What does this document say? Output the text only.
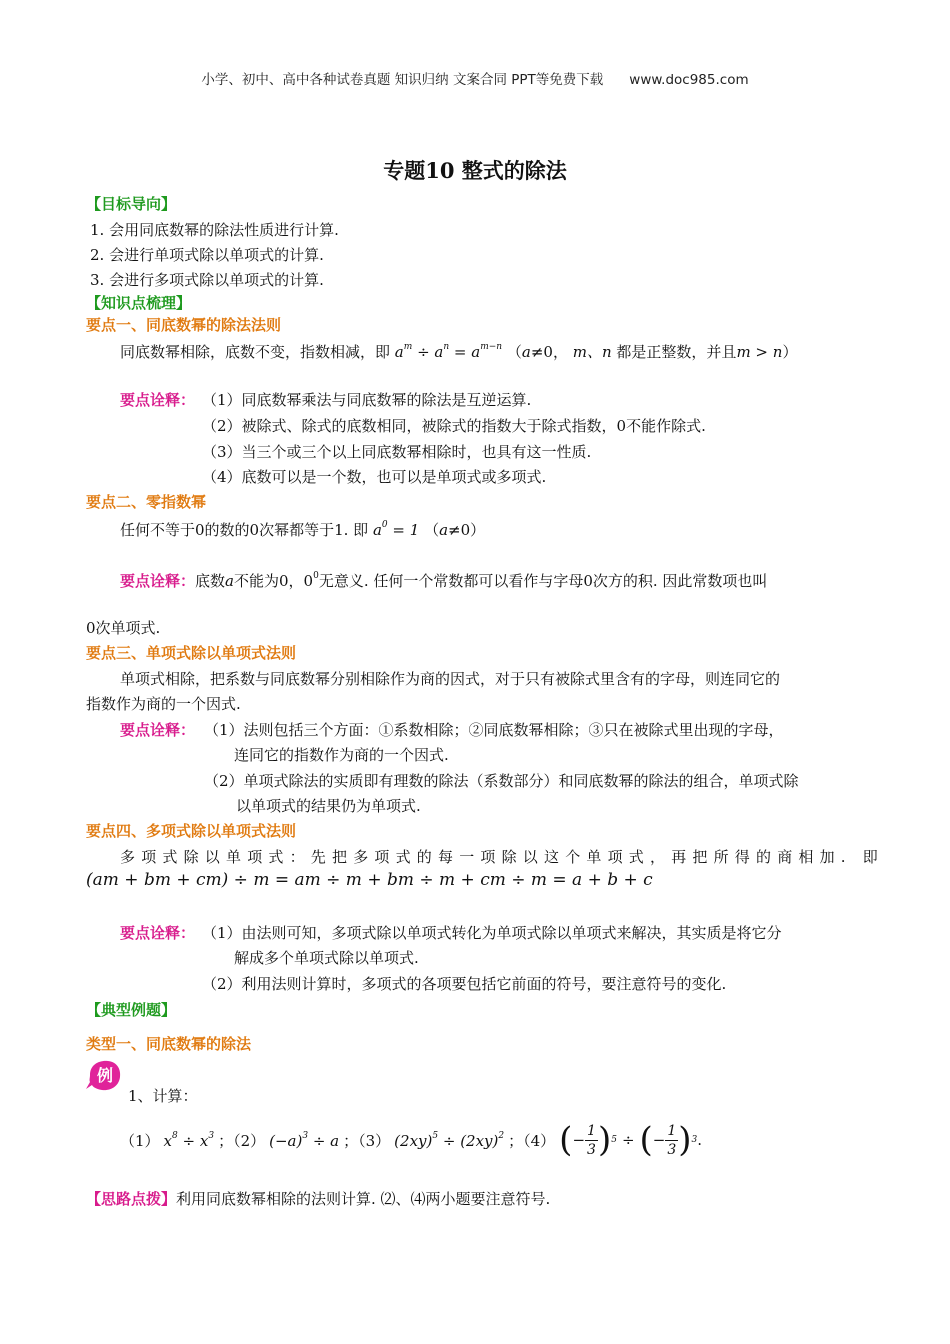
小学、初中、高中各种试卷真题 知识归纳 文案合同 PPT等免费下载 www.doc985.com
专题10 整式的除法
【目标导向】
1. 会用同底数幂的除法性质进行计算.
2. 会进行单项式除以单项式的计算.
3. 会进行多项式除以单项式的计算.
【知识点梳理】
要点一、同底数幂的除法法则
同底数幂相除，底数不变，指数相减，即 $a^m \div a^n = a^{m-n}$ （a≠0， m、n 都是正整数，并且m > n）
要点诠释： （1）同底数幂乘法与同底数幂的除法是互逆运算.
（2）被除式、除式的底数相同，被除式的指数大于除式指数，0不能作除式.
（3）当三个或三个以上同底数幂相除时，也具有这一性质.
（4）底数可以是一个数，也可以是单项式或多项式.
要点二、零指数幂
任何不等于0的数的0次幂都等于1. 即 $a^0 = 1$ （a≠0）
要点诠释：底数a不能为0，$0^0$无意义. 任何一个常数都可以看作与字母0次方的积. 因此常数项也叫
0次单项式.
要点三、单项式除以单项式法则
单项式相除，把系数与同底数幂分别相除作为商的因式，对于只有被除式里含有的字母，则连同它的
指数作为商的一个因式.
要点诠释： （1）法则包括三个方面：①系数相除；②同底数幂相除；③只在被除式里出现的字母，
连同它的指数作为商的一个因式.
（2）单项式除法的实质即有理数的除法（系数部分）和同底数幂的除法的组合，单项式除
以单项式的结果仍为单项式.
要点四、多项式除以单项式法则
多项式除以单项式：先把多项式的每一项除以这个单项式，再把所得的商相加. 即
(am + bm + cm) ÷ m = am ÷ m + bm ÷ m + cm ÷ m = a + b + c
要点诠释： （1）由法则可知，多项式除以单项式转化为单项式除以单项式来解决，其实质是将它分
解成多个单项式除以单项式.
（2）利用法则计算时，多项式的各项要包括它前面的符号，要注意符号的变化.
【典型例题】
类型一、同底数幂的除法
例
1、计算：
（1） $x^8 \div x^3$ ；（2） $(-a)^3 \div a$ ；（3） $(2xy)^5 \div (2xy)^2$ ；（4） ( − $\frac{1}{3}$ ) 5 ÷ ( − $\frac{1}{3}$ ) 3 .
【思路点拨】利用同底数幂相除的法则计算. ⑵、⑷两小题要注意符号.
